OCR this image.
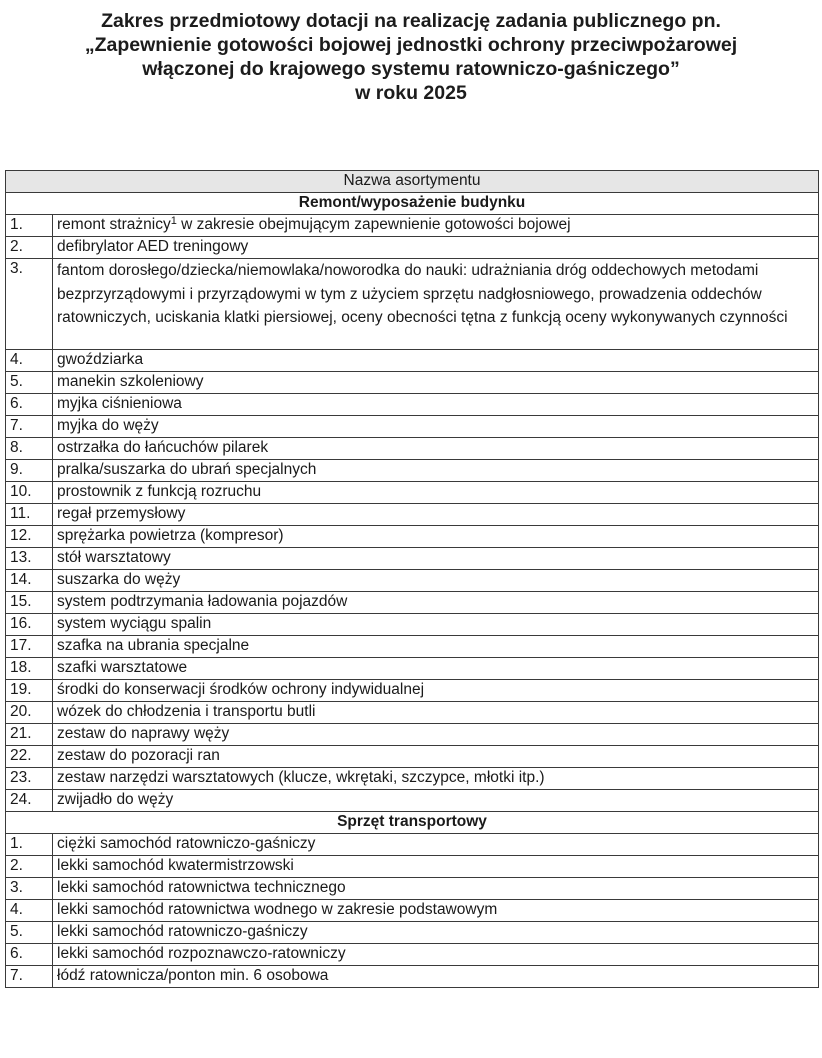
Zakres przedmiotowy dotacji na realizację zadania publicznego pn.
„Zapewnienie gotowości bojowej jednostki ochrony przeciwpożarowej
włączonej do krajowego systemu ratowniczo-gaśniczego”
w roku 2025
Nazwa asortymentu	
Remont/wyposażenie budynku	
1.	remont strażnicy$^1$ w zakresie obejmującym zapewnienie gotowości bojowej
2.	defibrylator AED treningowy
3.	fantom dorosłego/dziecka/niemowlaka/noworodka do nauki: udrażniania dróg oddechowych metodami bezprzyrządowymi i przyrządowymi w tym z użyciem sprzętu nadgłosniowego, prowadzenia oddechów ratowniczych, uciskania klatki piersiowej, oceny obecności tętna z funkcją oceny wykonywanych czynności
4.	gwoździarka
5.	manekin szkoleniowy
6.	myjka ciśnieniowa
7.	myjka do węży
8.	ostrzałka do łańcuchów pilarek
9.	pralka/suszarka do ubrań specjalnych
10.	prostownik z funkcją rozruchu
11.	regał przemysłowy
12.	sprężarka powietrza (kompresor)
13.	stół warsztatowy
14.	suszarka do węży
15.	system podtrzymania ładowania pojazdów
16.	system wyciągu spalin
17.	szafka na ubrania specjalne
18.	szafki warsztatowe
19.	środki do konserwacji środków ochrony indywidualnej
20.	wózek do chłodzenia i transportu butli
21.	zestaw do naprawy węży
22.	zestaw do pozoracji ran
23.	zestaw narzędzi warsztatowych (klucze, wkrętaki, szczypce, młotki itp.)
24.	zwijadło do węży
Sprzęt transportowy	
1.	ciężki samochód ratowniczo-gaśniczy
2.	lekki samochód kwatermistrzowski
3.	lekki samochód ratownictwa technicznego
4.	lekki samochód ratownictwa wodnego w zakresie podstawowym
5.	lekki samochód ratowniczo-gaśniczy
6.	lekki samochód rozpoznawczo-ratowniczy
7.	łódź ratownicza/ponton min. 6 osobowa
